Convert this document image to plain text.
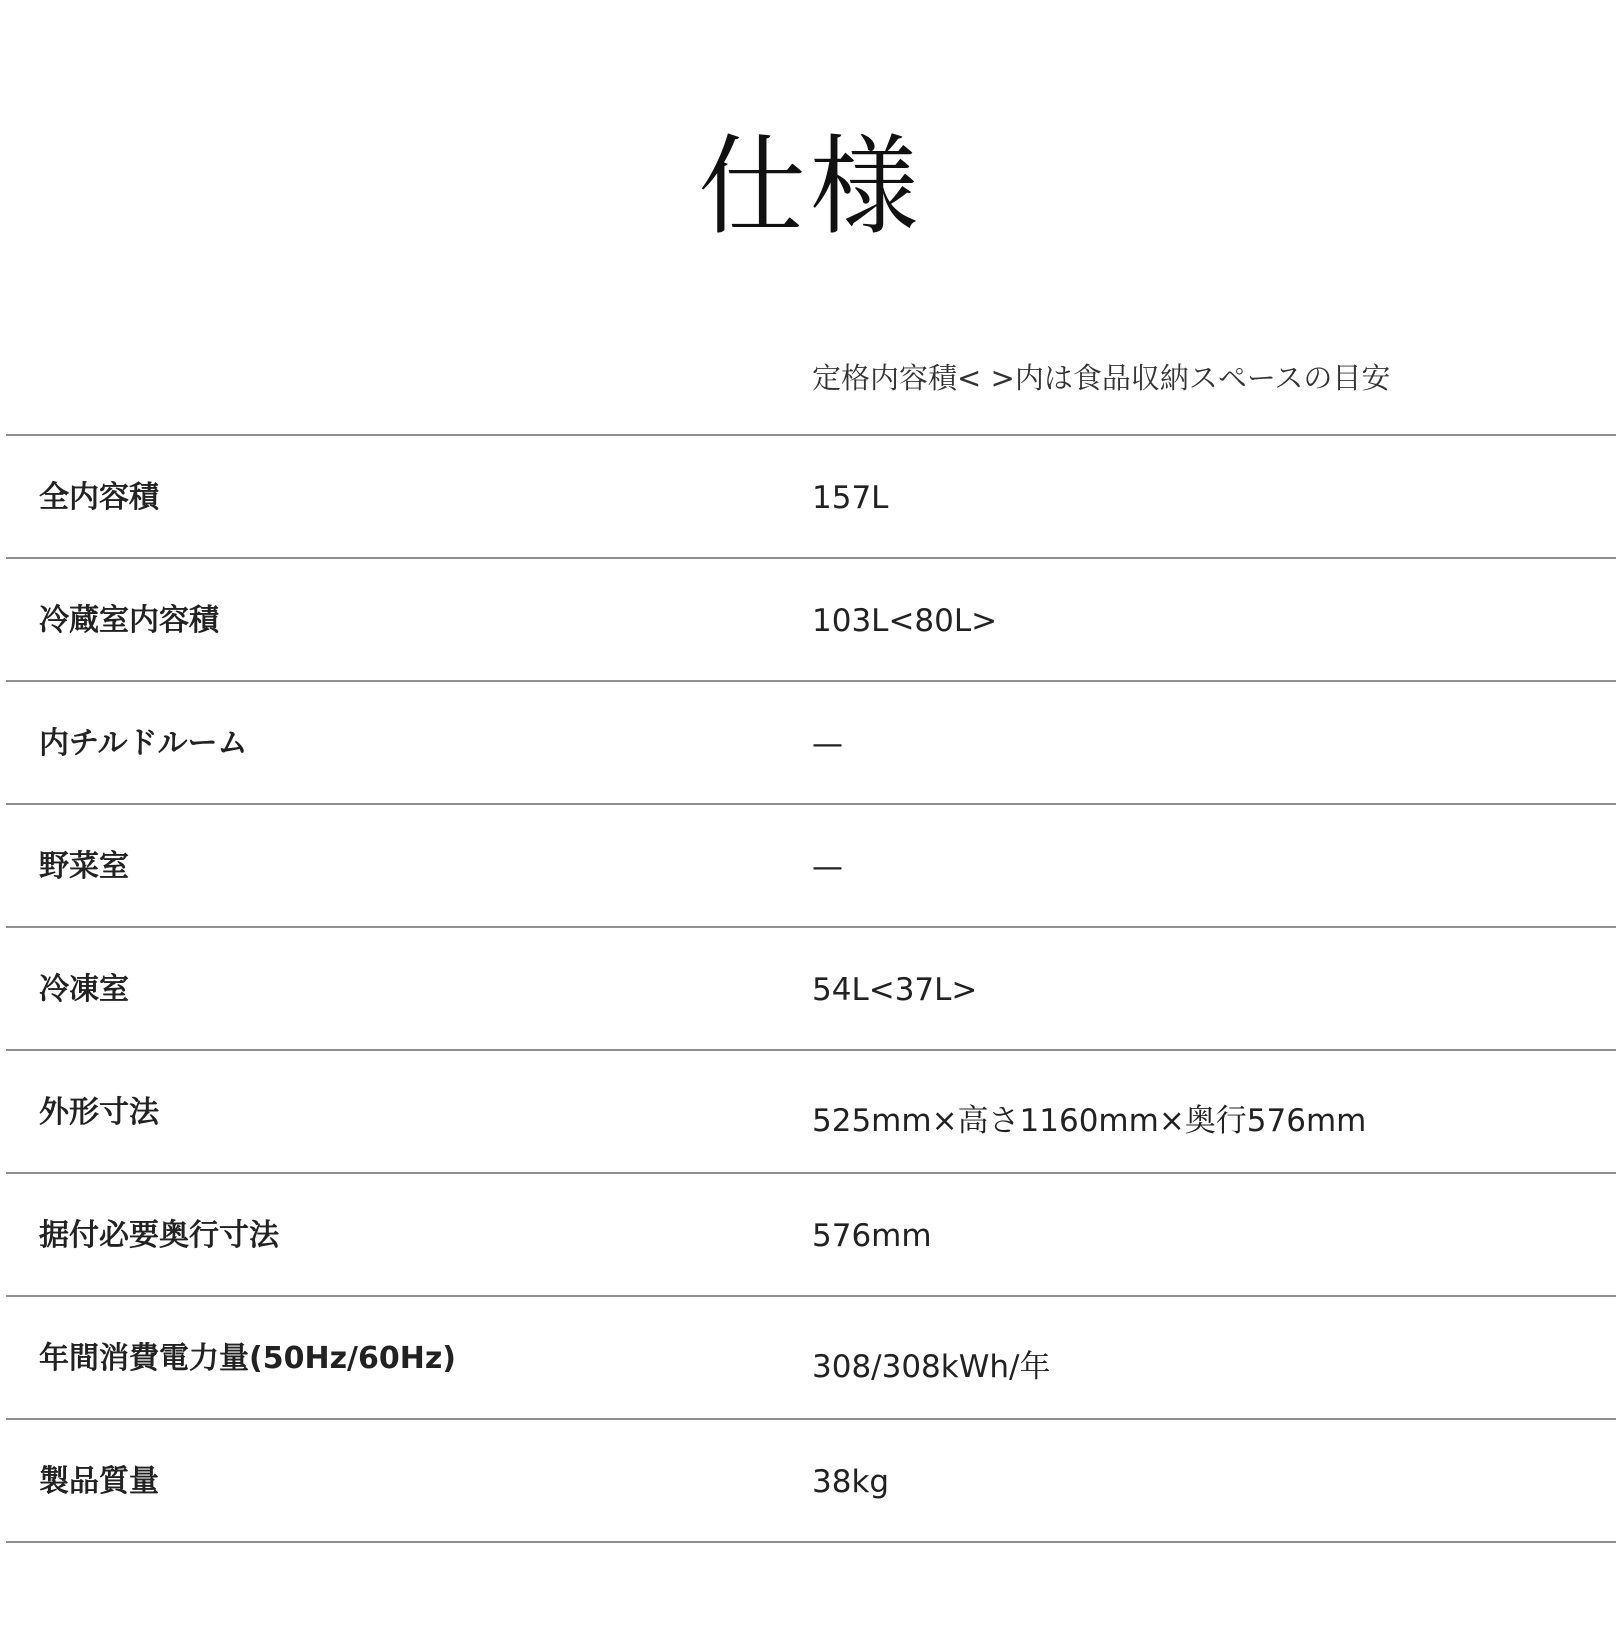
仕様
定格内容積< >内は食品収納スペースの目安
全内容積	157L
冷蔵室内容積	103L<80L>
内チルドルーム	—
野菜室	—
冷凍室	54L<37L>
外形寸法	525mm×高さ1160mm×奥行576mm
据付必要奥行寸法	576mm
年間消費電力量(50Hz/60Hz)	308/308kWh/年
製品質量	38kg
